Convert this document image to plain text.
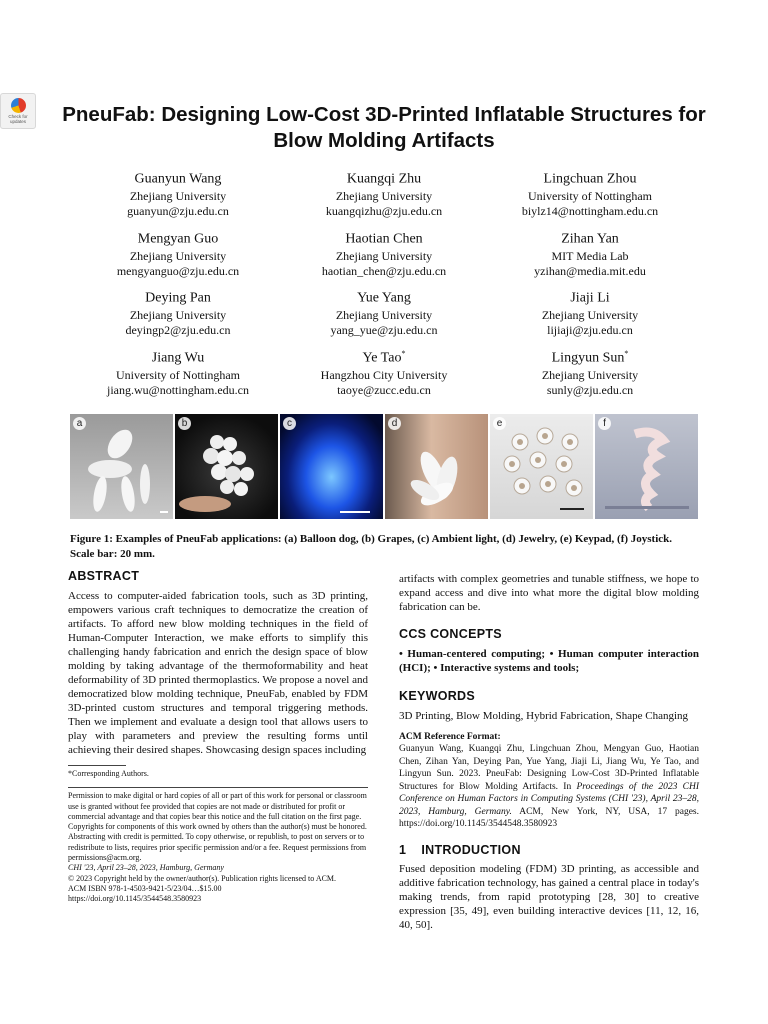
Check for updates	PneuFab: Designing Low-Cost 3D-Printed Inflatable Structures for Blow Molding Artifacts
Guanyun Wang
Zhejiang University
guanyun@zju.edu.cn
Kuangqi Zhu
Zhejiang University
kuangqizhu@zju.edu.cn
Lingchuan Zhou
University of Nottingham
biylz14@nottingham.edu.cn
Mengyan Guo
Zhejiang University
mengyanguo@zju.edu.cn
Haotian Chen
Zhejiang University
haotian_chen@zju.edu.cn
Zihan Yan
MIT Media Lab
yzihan@media.mit.edu
Deying Pan
Zhejiang University
deyingp2@zju.edu.cn
Yue Yang
Zhejiang University
yang_yue@zju.edu.cn
Jiaji Li
Zhejiang University
lijiaji@zju.edu.cn
Jiang Wu
University of Nottingham
jiang.wu@nottingham.edu.cn
Ye Tao*
Hangzhou City University
taoye@zucc.edu.cn
Lingyun Sun*
Zhejiang University
sunly@zju.edu.cn
a	b	c	d	e	f
Figure 1: Examples of PneuFab applications: (a) Balloon dog, (b) Grapes, (c) Ambient light, (d) Jewelry, (e) Keypad, (f) Joystick. Scale bar: 20 mm.
ABSTRACT

Access to computer-aided fabrication tools, such as 3D printing, empowers various craft techniques to democratize the creation of artifacts. To afford new blow molding techniques in the field of Human-Computer Interaction, we make efforts to simplify this challenging handy fabrication and enrich the design space of blow molding by taking advantage of the thermoformability and heat deformability of 3D printed thermoplastics. We propose a novel and democratized blow molding technique, PneuFab, enabled by FDM 3D-printed custom structures and temporal triggering methods. Then we implement and evaluate a design tool that allows users to play with parameters and preview the resulting forms until achieving their desired shapes. Showcasing design spaces including

*Corresponding Authors.

Permission to make digital or hard copies of all or part of this work for personal or classroom use is granted without fee provided that copies are not made or distributed for profit or commercial advantage and that copies bear this notice and the full citation on the first page. Copyrights for components of this work owned by others than the author(s) must be honored. Abstracting with credit is permitted. To copy otherwise, or republish, to post on servers or to redistribute to lists, requires prior specific permission and/or a fee. Request permissions from permissions@acm.org.

CHI '23, April 23–28, 2023, Hamburg, Germany

© 2023 Copyright held by the owner/author(s). Publication rights licensed to ACM.

ACM ISBN 978-1-4503-9421-5/23/04…$15.00

https://doi.org/10.1145/3544548.3580923

artifacts with complex geometries and tunable stiffness, we hope to expand access and dive into what more the digital blow molding fabrication can be.

CCS CONCEPTS

• Human-centered computing; • Human computer interaction (HCI); • Interactive systems and tools;

KEYWORDS

3D Printing, Blow Molding, Hybrid Fabrication, Shape Changing

ACM Reference Format:

Guanyun Wang, Kuangqi Zhu, Lingchuan Zhou, Mengyan Guo, Haotian Chen, Zihan Yan, Deying Pan, Yue Yang, Jiaji Li, Jiang Wu, Ye Tao, and Lingyun Sun. 2023. PneuFab: Designing Low-Cost 3D-Printed Inflatable Structures for Blow Molding Artifacts. In Proceedings of the 2023 CHI Conference on Human Factors in Computing Systems (CHI '23), April 23–28, 2023, Hamburg, Germany. ACM, New York, NY, USA, 17 pages. https://doi.org/10.1145/3544548.3580923

1    INTRODUCTION

Fused deposition modeling (FDM) 3D printing, as accessible and additive fabrication technology, has gained a central place in today's making trends, from rapid prototyping [28, 30] to creative expression [35, 49], even building interactive devices [11, 12, 16, 40, 50].
